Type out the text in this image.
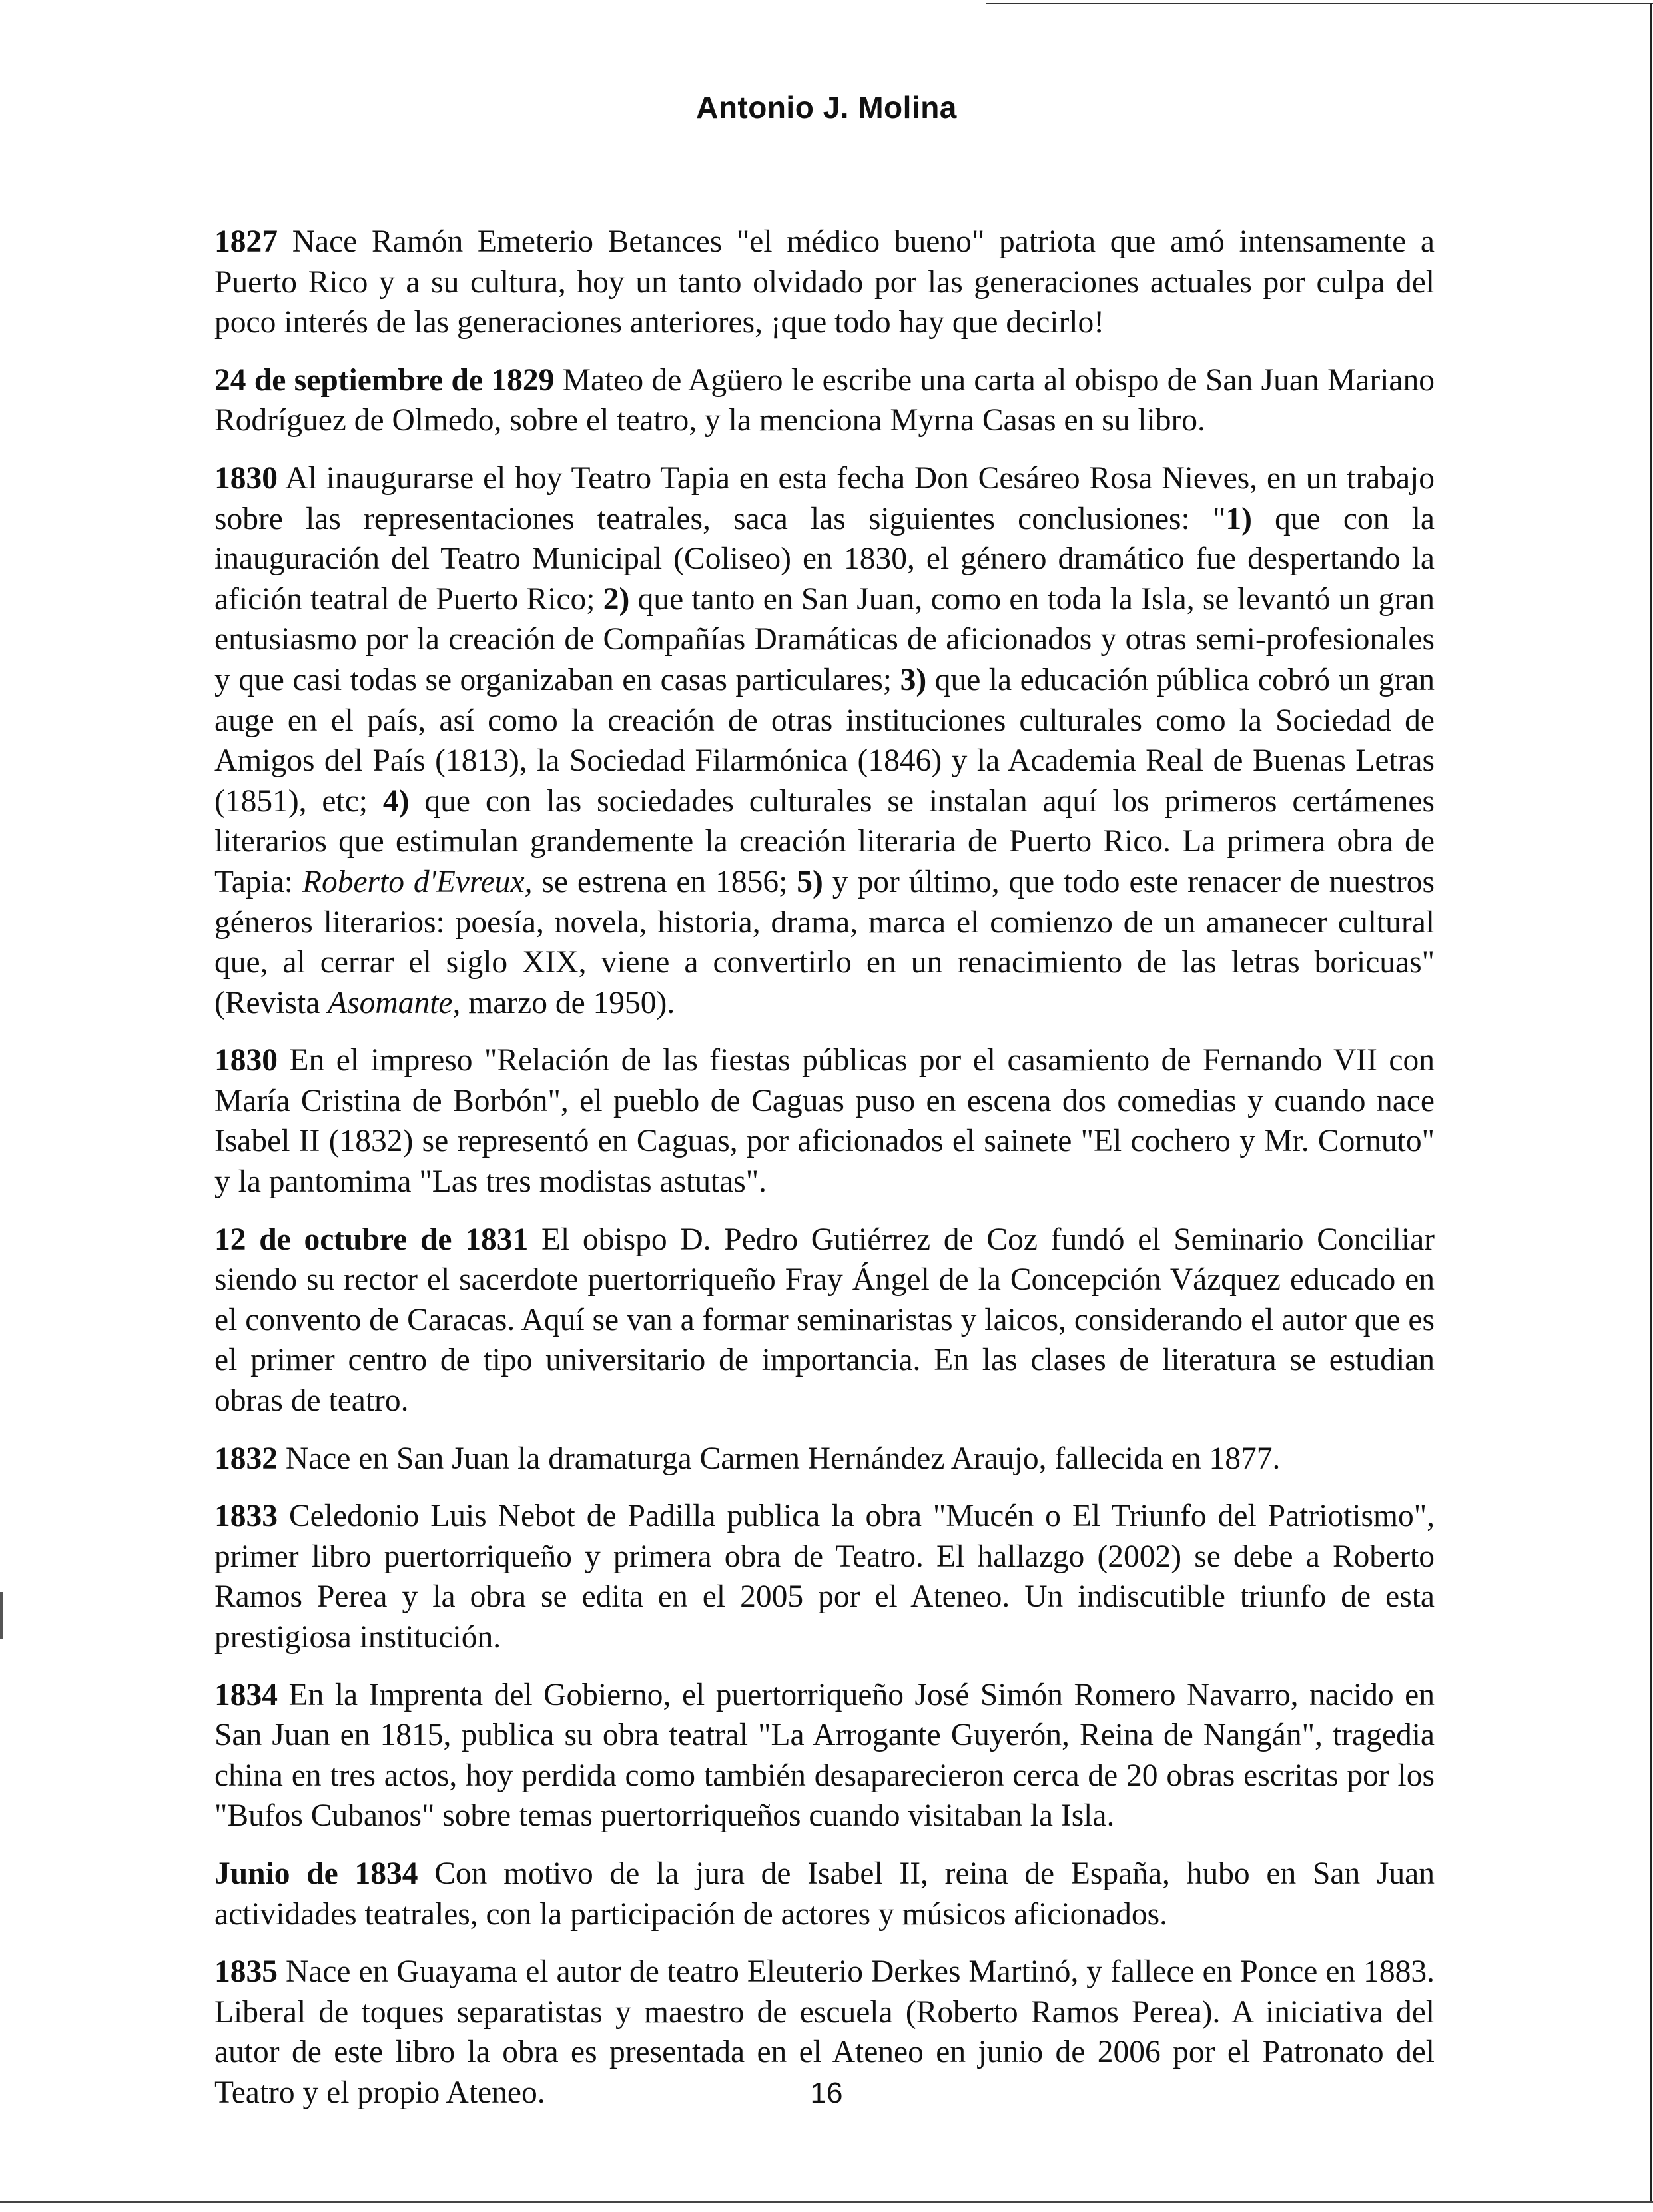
Antonio J. Molina

1827 Nace Ramón Emeterio Betances "el médico bueno" patriota que amó intensamente a Puerto Rico y a su cultura, hoy un tanto olvidado por las generaciones actuales por culpa del poco interés de las generaciones anteriores, ¡que todo hay que decirlo!

24 de septiembre de 1829 Mateo de Agüero le escribe una carta al obispo de San Juan Mariano Rodríguez de Olmedo, sobre el teatro, y la menciona Myrna Casas en su libro.

1830 Al inaugurarse el hoy Teatro Tapia en esta fecha Don Cesáreo Rosa Nieves, en un trabajo sobre las representaciones teatrales, saca las siguientes conclusiones: "1) que con la inauguración del Teatro Municipal (Coliseo) en 1830, el género dramático fue despertando la afición teatral de Puerto Rico; 2) que tanto en San Juan, como en toda la Isla, se levantó un gran entusiasmo por la creación de Compañías Dramáticas de aficionados y otras semi-profesionales y que casi todas se organizaban en casas particulares; 3) que la educación pública cobró un gran auge en el país, así como la creación de otras instituciones culturales como la Sociedad de Amigos del País (1813), la Sociedad Filarmónica (1846) y la Academia Real de Buenas Letras (1851), etc; 4) que con las sociedades culturales se instalan aquí los primeros certámenes literarios que estimulan grandemente la creación literaria de Puerto Rico. La primera obra de Tapia: Roberto d'Evreux, se estrena en 1856; 5) y por último, que todo este renacer de nuestros géneros literarios: poesía, novela, historia, drama, marca el comienzo de un amanecer cultural que, al cerrar el siglo XIX, viene a convertirlo en un renacimiento de las letras boricuas" (Revista Asomante, marzo de 1950).

1830 En el impreso "Relación de las fiestas públicas por el casamiento de Fernando VII con María Cristina de Borbón", el pueblo de Caguas puso en escena dos comedias y cuando nace Isabel II (1832) se representó en Caguas, por aficionados el sainete "El cochero y Mr. Cornuto" y la pantomima "Las tres modistas astutas".

12 de octubre de 1831 El obispo D. Pedro Gutiérrez de Coz fundó el Seminario Conciliar siendo su rector el sacerdote puertorriqueño Fray Ángel de la Concepción Vázquez educado en el convento de Caracas. Aquí se van a formar seminaristas y laicos, considerando el autor que es el primer centro de tipo universitario de importancia. En las clases de literatura se estudian obras de teatro.

1832 Nace en San Juan la dramaturga Carmen Hernández Araujo, fallecida en 1877.

1833 Celedonio Luis Nebot de Padilla publica la obra "Mucén o El Triunfo del Patriotismo", primer libro puertorriqueño y primera obra de Teatro. El hallazgo (2002) se debe a Roberto Ramos Perea y la obra se edita en el 2005 por el Ateneo. Un indiscutible triunfo de esta prestigiosa institución.

1834 En la Imprenta del Gobierno, el puertorriqueño José Simón Romero Navarro, nacido en San Juan en 1815, publica su obra teatral "La Arrogante Guyerón, Reina de Nangán", tragedia china en tres actos, hoy perdida como también desaparecieron cerca de 20 obras escritas por los "Bufos Cubanos" sobre temas puertorriqueños cuando visitaban la Isla.

Junio de 1834 Con motivo de la jura de Isabel II, reina de España, hubo en San Juan actividades teatrales, con la participación de actores y músicos aficionados.

1835 Nace en Guayama el autor de teatro Eleuterio Derkes Martinó, y fallece en Ponce en 1883. Liberal de toques separatistas y maestro de escuela (Roberto Ramos Perea). A iniciativa del autor de este libro la obra es presentada en el Ateneo en junio de 2006 por el Patronato del Teatro y el propio Ateneo.	16
